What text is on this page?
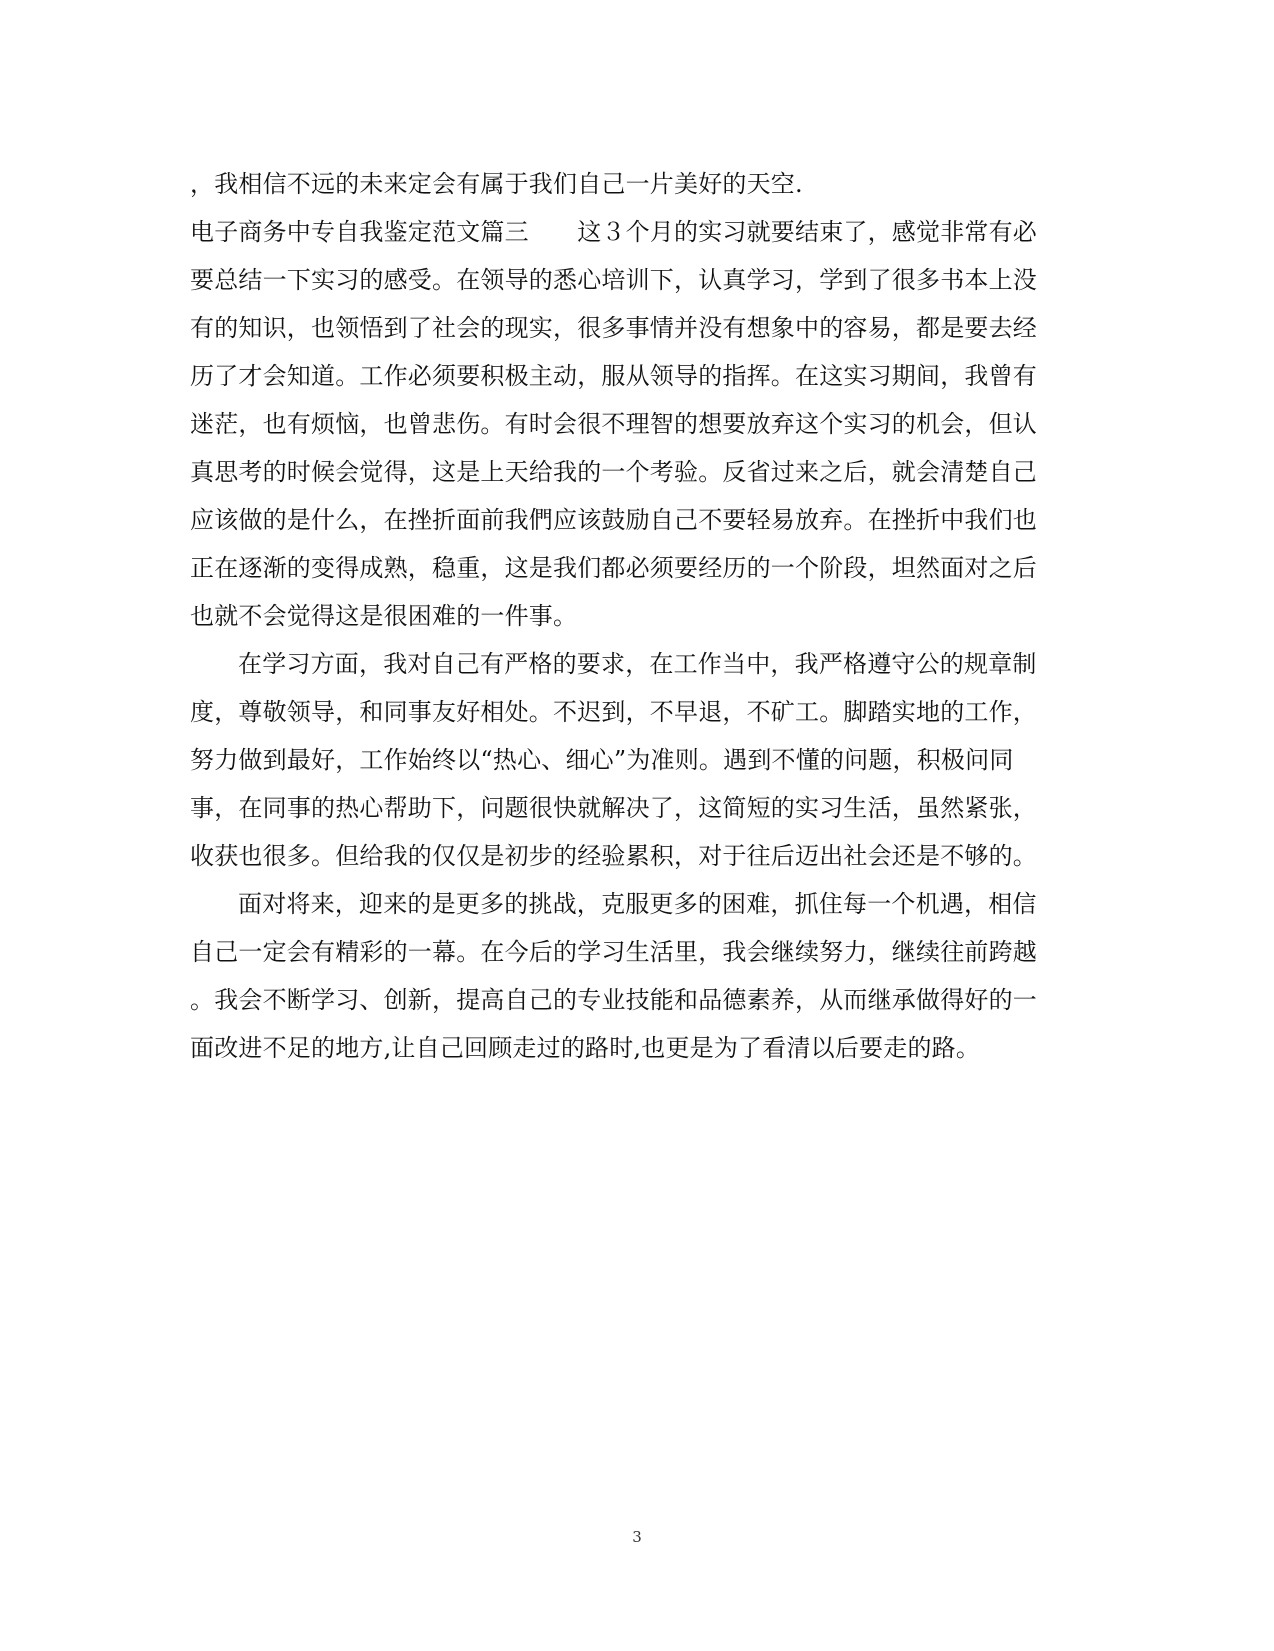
，我相信不远的未来定会有属于我们自己一片美好的天空.
电子商务中专自我鉴定范文篇三　　这３个月的实习就要结束了，感觉非常有必
要总结一下实习的感受。在领导的悉心培训下，认真学习，学到了很多书本上没
有的知识，也领悟到了社会的现实，很多事情并没有想象中的容易，都是要去经
历了才会知道。工作必须要积极主动，服从领导的指挥。在这实习期间，我曾有
迷茫，也有烦恼，也曾悲伤。有时会很不理智的想要放弃这个实习的机会，但认
真思考的时候会觉得，这是上天给我的一个考验。反省过来之后，就会清楚自己
应该做的是什么，在挫折面前我們应该鼓励自己不要轻易放弃。在挫折中我们也
正在逐渐的变得成熟，稳重，这是我们都必须要经历的一个阶段，坦然面对之后
也就不会觉得这是很困难的一件事。
在学习方面，我对自己有严格的要求，在工作当中，我严格遵守公的规章制
度，尊敬领导，和同事友好相处。不迟到，不早退，不矿工。脚踏实地的工作，
努力做到最好，工作始终以“热心、细心”为准则。遇到不懂的问题，积极问同
事，在同事的热心帮助下，问题很快就解决了，这简短的实习生活，虽然紧张，
收获也很多。但给我的仅仅是初步的经验累积，对于往后迈出社会还是不够的。
面对将来，迎来的是更多的挑战，克服更多的困难，抓住每一个机遇，相信
自己一定会有精彩的一幕。在今后的学习生活里，我会继续努力，继续往前跨越
。我会不断学习、创新，提高自己的专业技能和品德素养，从而继承做得好的一
面改进不足的地方,让自己回顾走过的路时,也更是为了看清以后要走的路。
3
